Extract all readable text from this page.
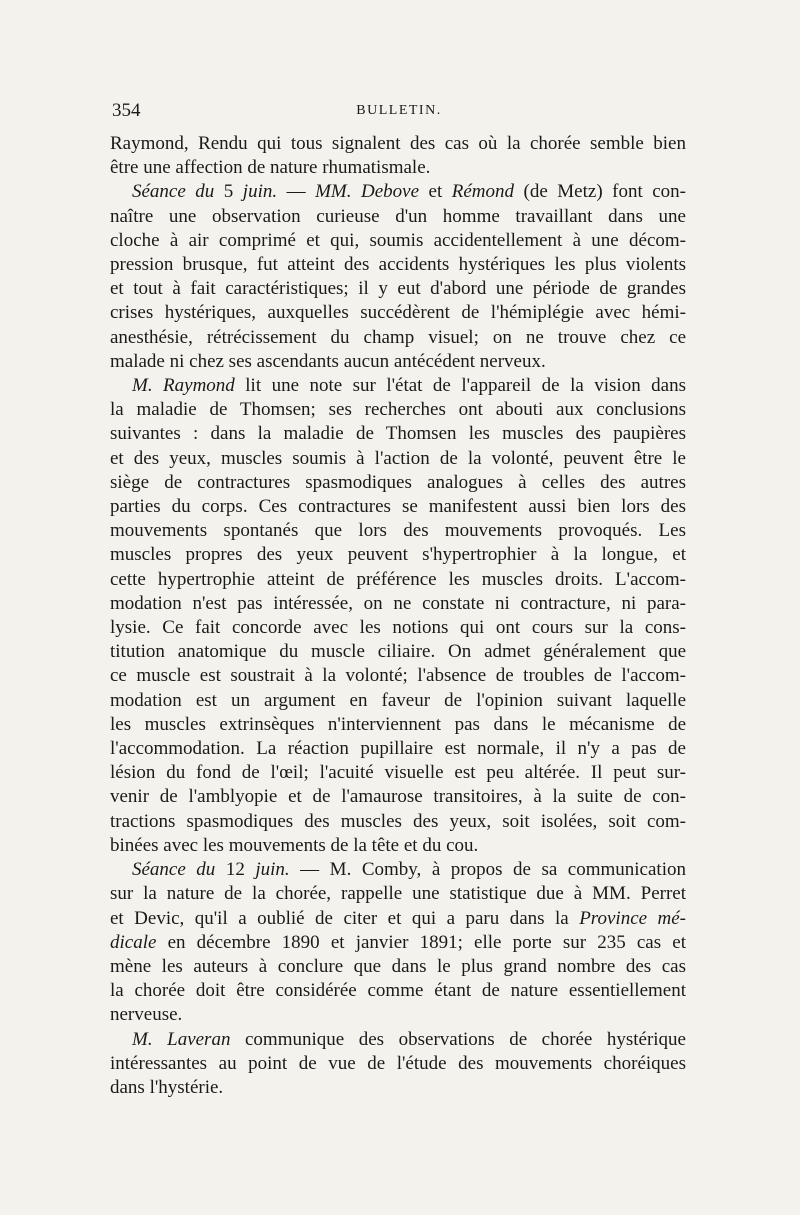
354	BULLETIN.
Raymond, Rendu qui tous signalent des cas où la chorée semble bien
être une affection de nature rhumatismale.
Séance du 5 juin. — MM. Debove et Rémond (de Metz) font con-
naître une observation curieuse d'un homme travaillant dans une
cloche à air comprimé et qui, soumis accidentellement à une décom-
pression brusque, fut atteint des accidents hystériques les plus violents
et tout à fait caractéristiques; il y eut d'abord une période de grandes
crises hystériques, auxquelles succédèrent de l'hémiplégie avec hémi-
anesthésie, rétrécissement du champ visuel; on ne trouve chez ce
malade ni chez ses ascendants aucun antécédent nerveux.
M. Raymond lit une note sur l'état de l'appareil de la vision dans
la maladie de Thomsen; ses recherches ont abouti aux conclusions
suivantes : dans la maladie de Thomsen les muscles des paupières
et des yeux, muscles soumis à l'action de la volonté, peuvent être le
siège de contractures spasmodiques analogues à celles des autres
parties du corps. Ces contractures se manifestent aussi bien lors des
mouvements spontanés que lors des mouvements provoqués. Les
muscles propres des yeux peuvent s'hypertrophier à la longue, et
cette hypertrophie atteint de préférence les muscles droits. L'accom-
modation n'est pas intéressée, on ne constate ni contracture, ni para-
lysie. Ce fait concorde avec les notions qui ont cours sur la cons-
titution anatomique du muscle ciliaire. On admet généralement que
ce muscle est soustrait à la volonté; l'absence de troubles de l'accom-
modation est un argument en faveur de l'opinion suivant laquelle
les muscles extrinsèques n'interviennent pas dans le mécanisme de
l'accommodation. La réaction pupillaire est normale, il n'y a pas de
lésion du fond de l'œil; l'acuité visuelle est peu altérée. Il peut sur-
venir de l'amblyopie et de l'amaurose transitoires, à la suite de con-
tractions spasmodiques des muscles des yeux, soit isolées, soit com-
binées avec les mouvements de la tête et du cou.
Séance du 12 juin. — M. Comby, à propos de sa communication
sur la nature de la chorée, rappelle une statistique due à MM. Perret
et Devic, qu'il a oublié de citer et qui a paru dans la Province mé-
dicale en décembre 1890 et janvier 1891; elle porte sur 235 cas et
mène les auteurs à conclure que dans le plus grand nombre des cas
la chorée doit être considérée comme étant de nature essentiellement
nerveuse.
M. Laveran communique des observations de chorée hystérique
intéressantes au point de vue de l'étude des mouvements choréiques
dans l'hystérie.
